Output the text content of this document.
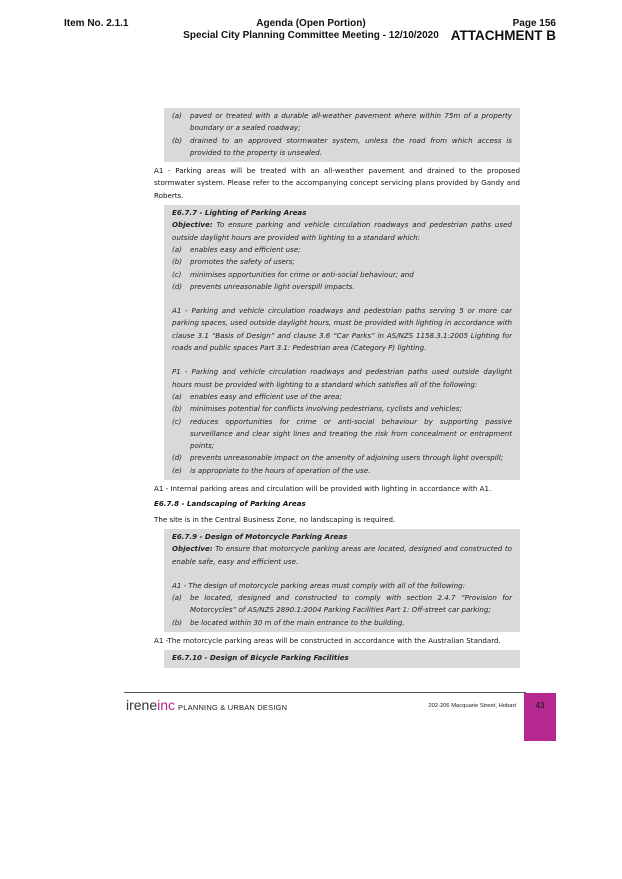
Item No. 2.1.1	Agenda (Open Portion)
Special City Planning Committee Meeting - 12/10/2020
Page 156
ATTACHMENT B
(a)	paved or treated with a durable all-weather pavement where within 75m of a property boundary or a sealed roadway;
(b)	drained to an approved stormwater system, unless the road from which access is provided to the property is unsealed.

A1 - Parking areas will be treated with an all-weather pavement and drained to the proposed stormwater system. Please refer to the accompanying concept servicing plans provided by Gandy and Roberts.

E6.7.7 - Lighting of Parking Areas

Objective: To ensure parking and vehicle circulation roadways and pedestrian paths used outside daylight hours are provided with lighting to a standard which:

(a)	enables easy and efficient use;
(b)	promotes the safety of users;
(c)	minimises opportunities for crime or anti-social behaviour; and
(d)	prevents unreasonable light overspill impacts.

A1 - Parking and vehicle circulation roadways and pedestrian paths serving 5 or more car parking spaces, used outside daylight hours, must be provided with lighting in accordance with clause 3.1 “Basis of Design” and clause 3.6 “Car Parks” in AS/NZS 1158.3.1:2005 Lighting for roads and public spaces Part 3.1: Pedestrian area (Category P) lighting.

P1 - Parking and vehicle circulation roadways and pedestrian paths used outside daylight hours must be provided with lighting to a standard which satisfies all of the following:

(a)	enables easy and efficient use of the area;
(b)	minimises potential for conflicts involving pedestrians, cyclists and vehicles;
(c)	reduces opportunities for crime or anti-social behaviour by supporting passive surveillance and clear sight lines and treating the risk from concealment or entrapment points;
(d)	prevents unreasonable impact on the amenity of adjoining users through light overspill;
(e)	is appropriate to the hours of operation of the use.

A1 - Internal parking areas and circulation will be provided with lighting in accordance with A1.

E6.7.8 - Landscaping of Parking Areas

The site is in the Central Business Zone, no landscaping is required.

E6.7.9 - Design of Motorcycle Parking Areas

Objective: To ensure that motorcycle parking areas are located, designed and constructed to enable safe, easy and efficient use.

A1 - The design of motorcycle parking areas must comply with all of the following:

(a)	be located, designed and constructed to comply with section 2.4.7 “Provision for Motorcycles” of AS/NZS 2890.1:2004 Parking Facilities Part 1: Off-street car parking;
(b)	be located within 30 m of the main entrance to the building.

A1 -The motorcycle parking areas will be constructed in accordance with the Australian Standard.

E6.7.10 - Design of Bicycle Parking Facilities

ireneinc PLANNING & URBAN DESIGN	202-206 Macquarie Street, Hobart	43
